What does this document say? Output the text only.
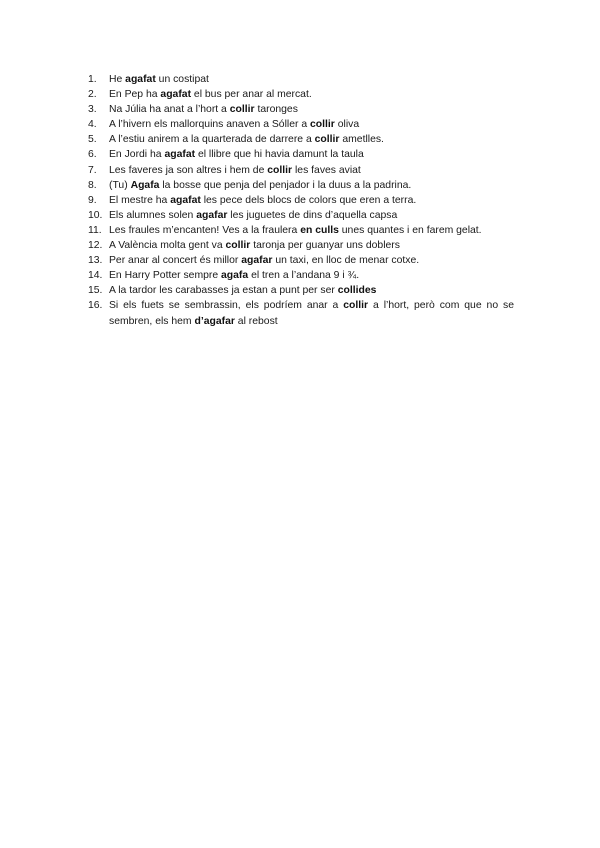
1.	He agafat un costipat
2.	En Pep ha agafat el bus per anar al mercat.
3.	Na Júlia ha anat a l’hort a collir taronges
4.	A l’hivern els mallorquins anaven a Sóller a collir oliva
5.	A l’estiu anirem a la quarterada de darrere a collir ametlles.
6.	En Jordi ha agafat el llibre que hi havia damunt la taula
7.	Les faveres ja son altres i hem de collir les faves aviat
8.	(Tu) Agafa la bosse que penja del penjador i la duus a la padrina.
9.	El mestre ha agafat les pece dels blocs de colors que eren a terra.
10. Els alumnes solen agafar les juguetes de dins d’aquella capsa
11. Les fraules m’encanten! Ves a la fraulera en culls unes quantes i en farem gelat.
12. A València molta gent va collir taronja per guanyar uns doblers
13. Per anar al concert és millor agafar un taxi, en lloc de menar cotxe.
14. En Harry Potter sempre agafa el tren a l’andana 9 i ¾.
15. A la tardor les carabasses ja estan a punt per ser collides
16. Si els fuets se sembrassin, els podríem anar a collir a l’hort, però com que no se sembren, els hem d’agafar al rebost
